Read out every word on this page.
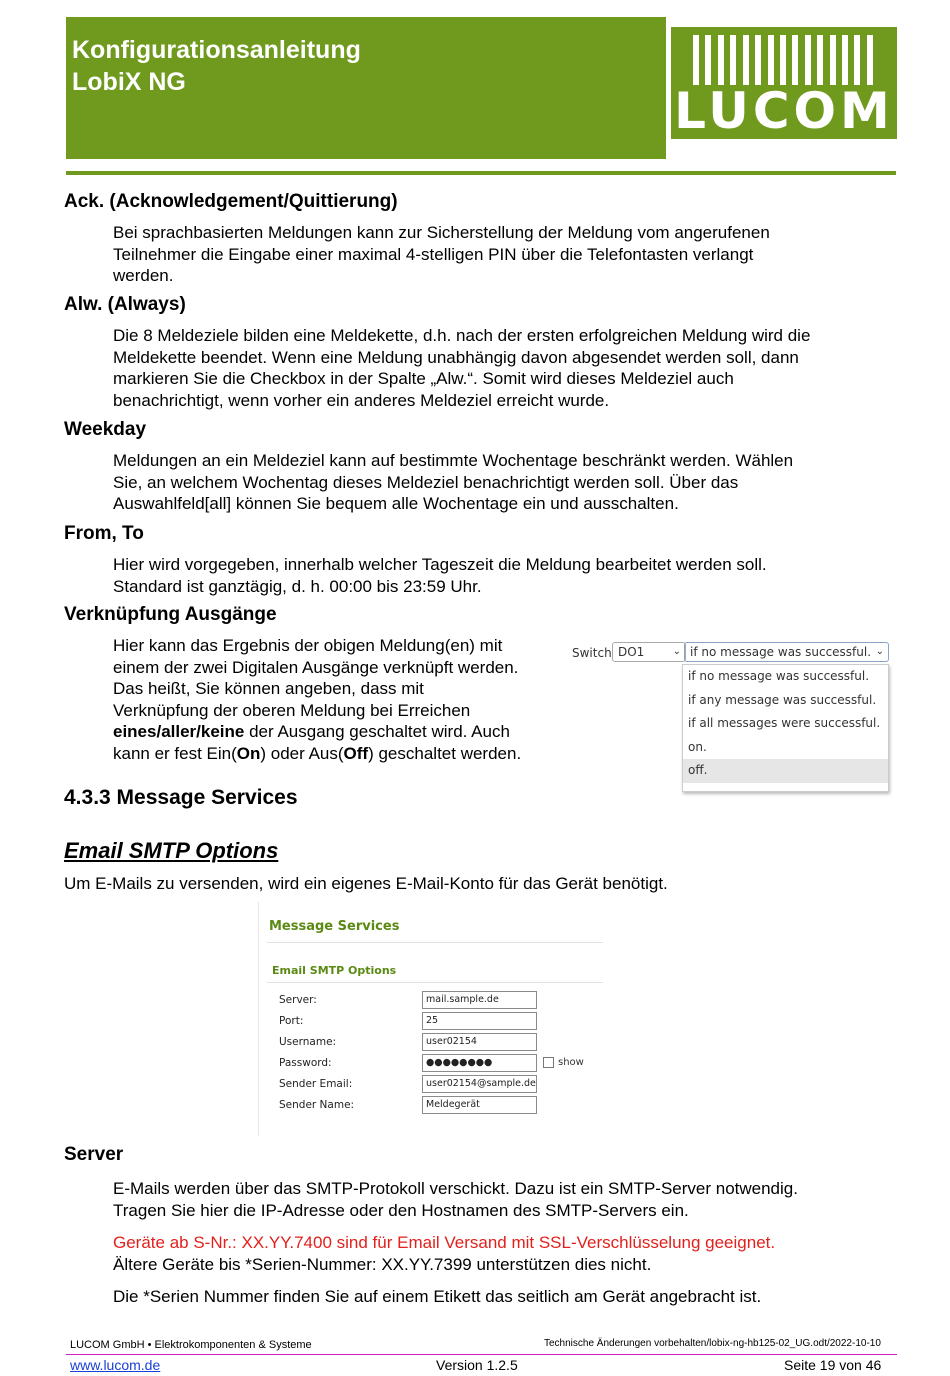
Konfigurationsanleitung
LobiX NG	LUCOM
Ack. (Acknowledgement/Quittierung)
Bei sprachbasierten Meldungen kann zur Sicherstellung der Meldung vom angerufenen
Teilnehmer die Eingabe einer maximal 4-stelligen PIN über die Telefontasten verlangt
werden.
Alw. (Always)
Die 8 Meldeziele bilden eine Meldekette, d.h. nach der ersten erfolgreichen Meldung wird die
Meldekette beendet. Wenn eine Meldung unabhängig davon abgesendet werden soll, dann
markieren Sie die Checkbox in der Spalte „Alw.“. Somit wird dieses Meldeziel auch
benachrichtigt, wenn vorher ein anderes Meldeziel erreicht wurde.
Weekday
Meldungen an ein Meldeziel kann auf bestimmte Wochentage beschränkt werden. Wählen
Sie, an welchem Wochentag dieses Meldeziel benachrichtigt werden soll. Über das
Auswahlfeld[all] können Sie bequem alle Wochentage ein und ausschalten.
From, To
Hier wird vorgegeben, innerhalb welcher Tageszeit die Meldung bearbeitet werden soll.
Standard ist ganztägig, d. h. 00:00 bis 23:59 Uhr.
Verknüpfung Ausgänge
Hier kann das Ergebnis der obigen Meldung(en) mit
einem der zwei Digitalen Ausgänge verknüpft werden.
Das heißt, Sie können angeben, dass mit
Verknüpfung der oberen Meldung bei Erreichen
eines/aller/keine der Ausgang geschaltet wird. Auch
kann er fest Ein(On) oder Aus(Off) geschaltet werden.
Switch DO1	⌄ if no message was successful. ⌄
if no message was successful.
if any message was successful.
if all messages were successful.
on.
off.
4.3.3 Message Services
Email SMTP Options
Um E-Mails zu versenden, wird ein eigenes E-Mail-Konto für das Gerät benötigt.
Message Services
Email SMTP Options
Server:	mail.sample.de
Port:	25
Username:	user02154
Password:	●●●●●●●●	show
Sender Email:	user02154@sample.de
Sender Name:	Meldegerät
Server
E-Mails werden über das SMTP-Protokoll verschickt. Dazu ist ein SMTP-Server notwendig.
Tragen Sie hier die IP-Adresse oder den Hostnamen des SMTP-Servers ein.
Geräte ab S-Nr.: XX.YY.7400 sind für Email Versand mit SSL-Verschlüsselung geeignet.
Ältere Geräte bis *Serien-Nummer: XX.YY.7399 unterstützen dies nicht.
Die *Serien Nummer finden Sie auf einem Etikett das seitlich am Gerät angebracht ist.
LUCOM GmbH • Elektrokomponenten & Systeme	Technische Änderungen vorbehalten/lobix-ng-hb125-02_UG.odt/2022-10-10
www.lucom.de	Version 1.2.5	Seite 19 von 46
